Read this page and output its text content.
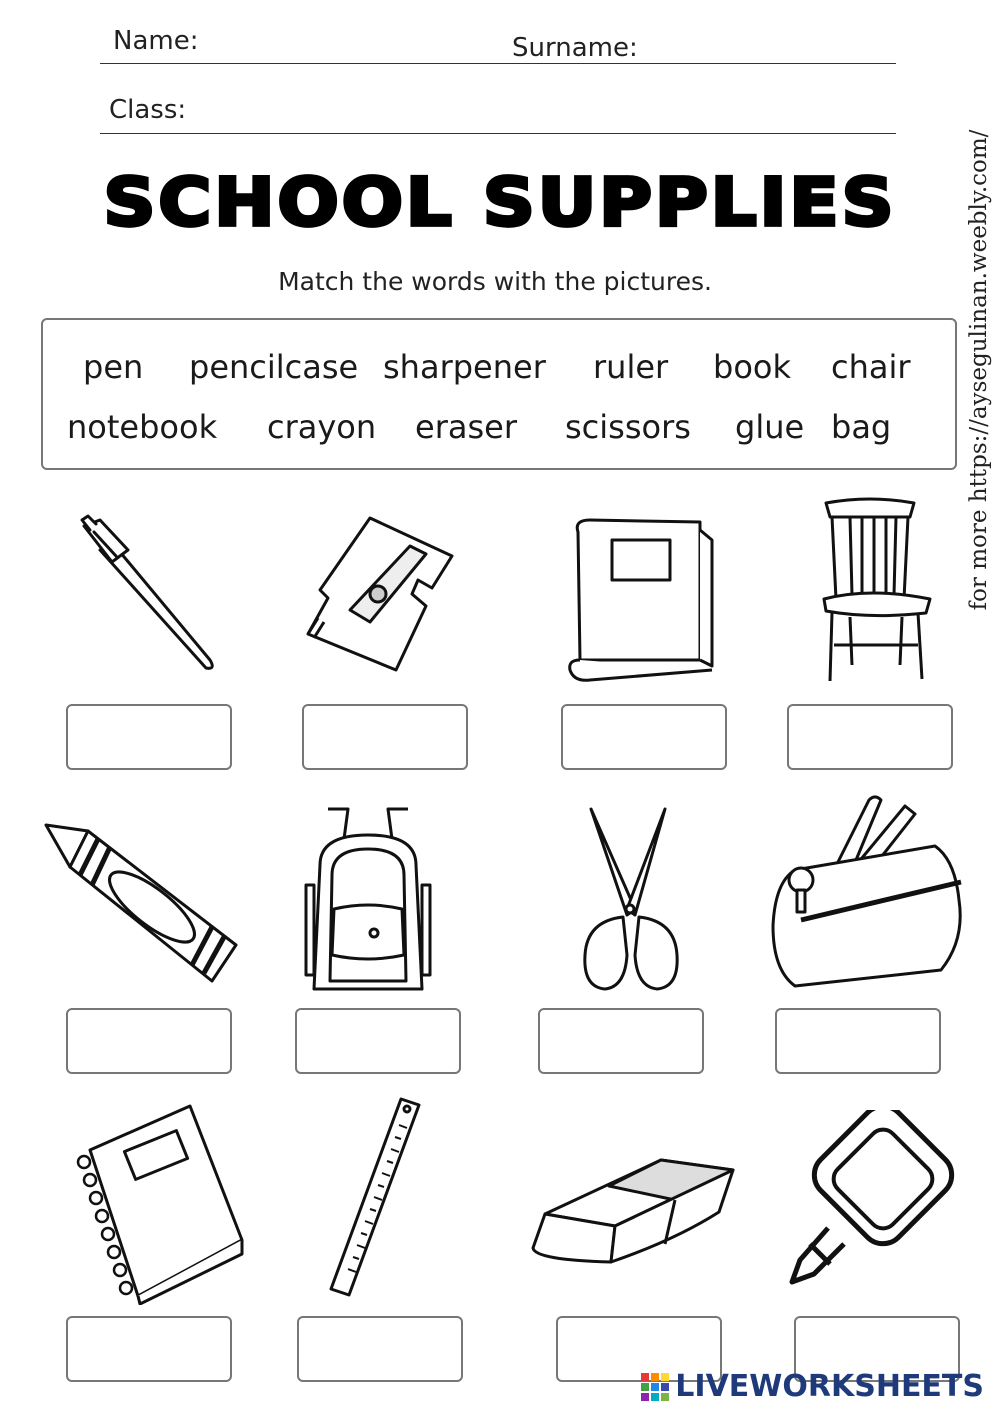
Name:	Surname:
Class:
SCHOOL SUPPLIES
Match the words with the pictures.
pen pencilcase sharpener ruler book chair
notebook crayon eraser scissors glue bag	for more https://aysegulinan.weebly.com/
LIVEWORKSHEETS
